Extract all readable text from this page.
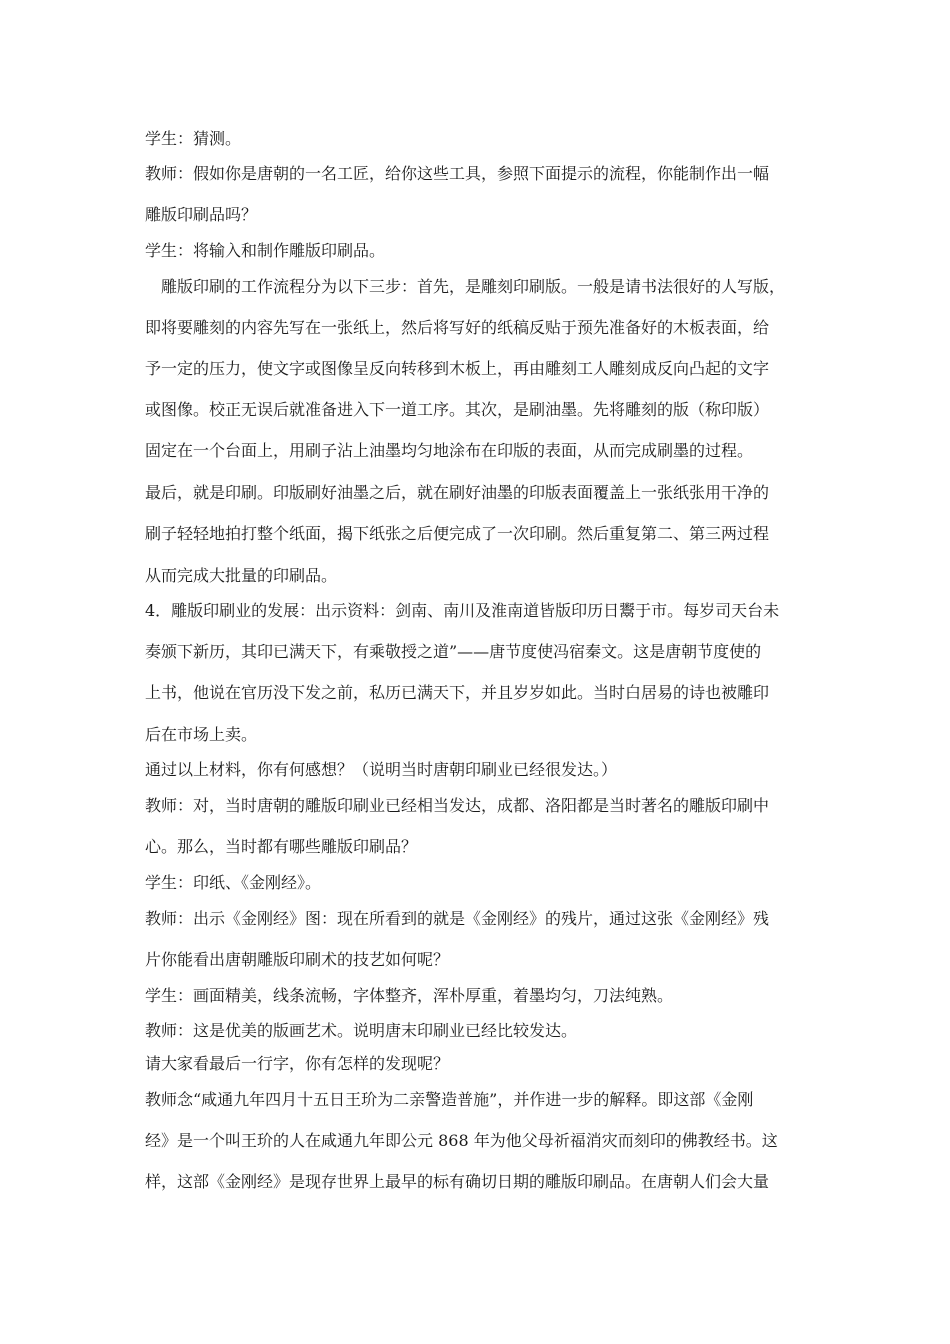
学生：猜测。
教师：假如你是唐朝的一名工匠，给你这些工具，参照下面提示的流程，你能制作出一幅
雕版印刷品吗？
学生：将输入和制作雕版印刷品。
雕版印刷的工作流程分为以下三步：首先，是雕刻印刷版。一般是请书法很好的人写版，
即将要雕刻的内容先写在一张纸上，然后将写好的纸稿反贴于预先准备好的木板表面，给
予一定的压力，使文字或图像呈反向转移到木板上，再由雕刻工人雕刻成反向凸起的文字
或图像。校正无误后就准备进入下一道工序。其次，是刷油墨。先将雕刻的版（称印版）
固定在一个台面上，用刷子沾上油墨均匀地涂布在印版的表面，从而完成刷墨的过程。
最后，就是印刷。印版刷好油墨之后，就在刷好油墨的印版表面覆盖上一张纸张用干净的
刷子轻轻地拍打整个纸面，揭下纸张之后便完成了一次印刷。然后重复第二、第三两过程
从而完成大批量的印刷品。
4．雕版印刷业的发展：出示资料：剑南、南川及淮南道皆版印历日鬻于市。每岁司天台未
奏颁下新历，其印已满天下，有乘敬授之道”——唐节度使冯宿秦文。这是唐朝节度使的
上书，他说在官历没下发之前，私历已满天下，并且岁岁如此。当时白居易的诗也被雕印
后在市场上卖。
通过以上材料，你有何感想？（说明当时唐朝印刷业已经很发达。）
教师：对，当时唐朝的雕版印刷业已经相当发达，成都、洛阳都是当时著名的雕版印刷中
心。那么，当时都有哪些雕版印刷品？
学生：印纸、《金刚经》。
教师：出示《金刚经》图：现在所看到的就是《金刚经》的残片，通过这张《金刚经》残
片你能看出唐朝雕版印刷术的技艺如何呢？
学生：画面精美，线条流畅，字体整齐，浑朴厚重，着墨均匀，刀法纯熟。
教师：这是优美的版画艺术。说明唐末印刷业已经比较发达。
请大家看最后一行字，你有怎样的发现呢？
教师念“咸通九年四月十五日王玠为二亲警造普施”，并作进一步的解释。即这部《金刚
经》是一个叫王玠的人在咸通九年即公元 868 年为他父母祈福消灾而刻印的佛教经书。这
样，这部《金刚经》是现存世界上最早的标有确切日期的雕版印刷品。在唐朝人们会大量
